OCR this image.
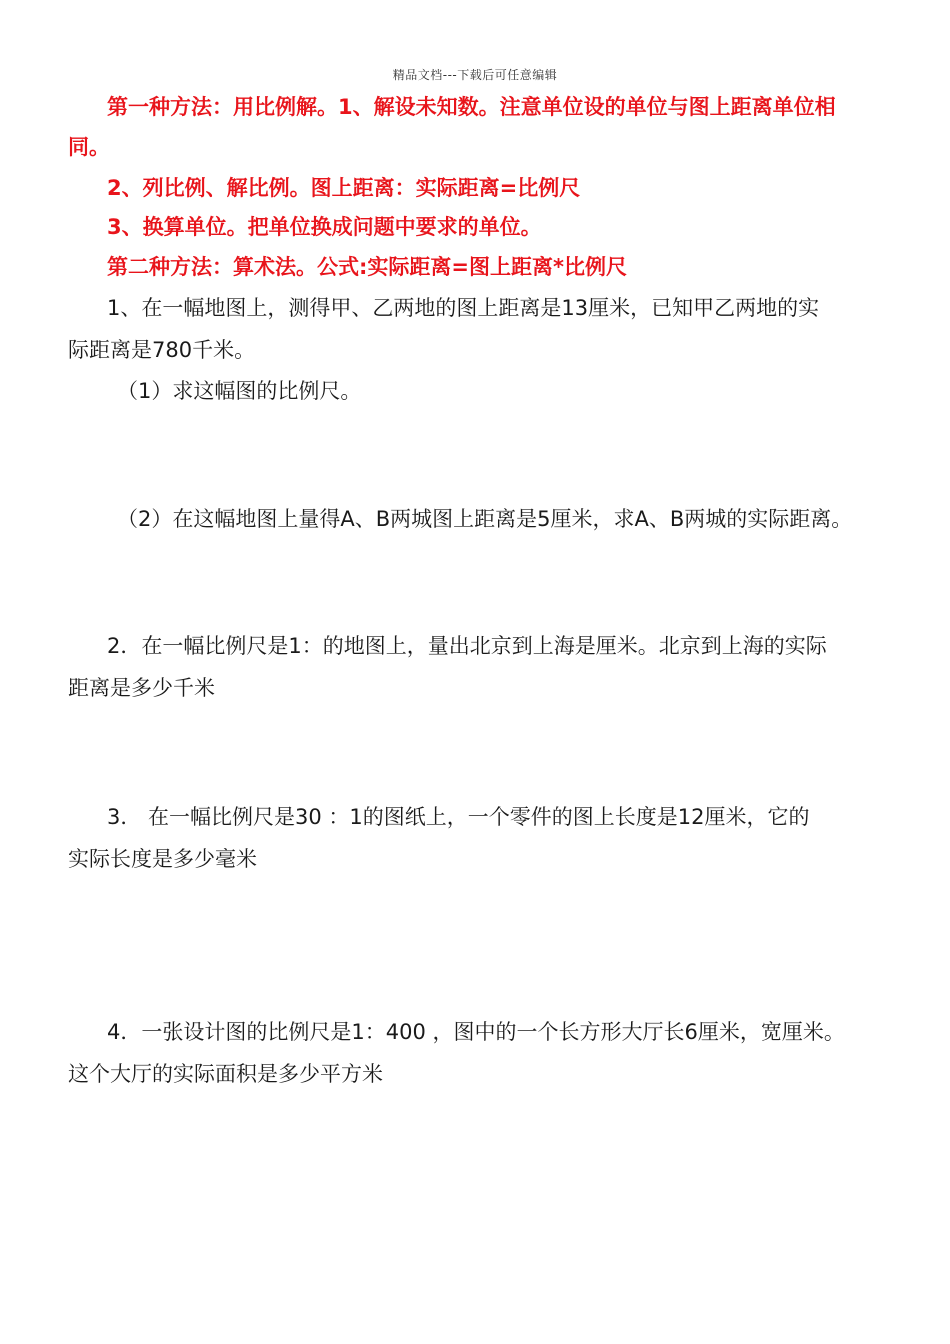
精品文档---下载后可任意编辑
第一种方法：用比例解。1、解设未知数。注意单位设的单位与图上距离单位相
同。
2、列比例、解比例。图上距离：实际距离=比例尺
3、换算单位。把单位换成问题中要求的单位。
第二种方法：算术法。公式:实际距离=图上距离*比例尺
1、在一幅地图上，测得甲、乙两地的图上距离是13厘米，已知甲乙两地的实
际距离是780千米。
（1）求这幅图的比例尺。
（2）在这幅地图上量得A、B两城图上距离是5厘米，求A、B两城的实际距离。
2．在一幅比例尺是1：的地图上，量出北京到上海是厘米。北京到上海的实际
距离是多少千米
3． 在一幅比例尺是30 ：1的图纸上，一个零件的图上长度是12厘米，它的
实际长度是多少毫米
4．一张设计图的比例尺是1：400 ，图中的一个长方形大厅长6厘米，宽厘米。
这个大厅的实际面积是多少平方米
